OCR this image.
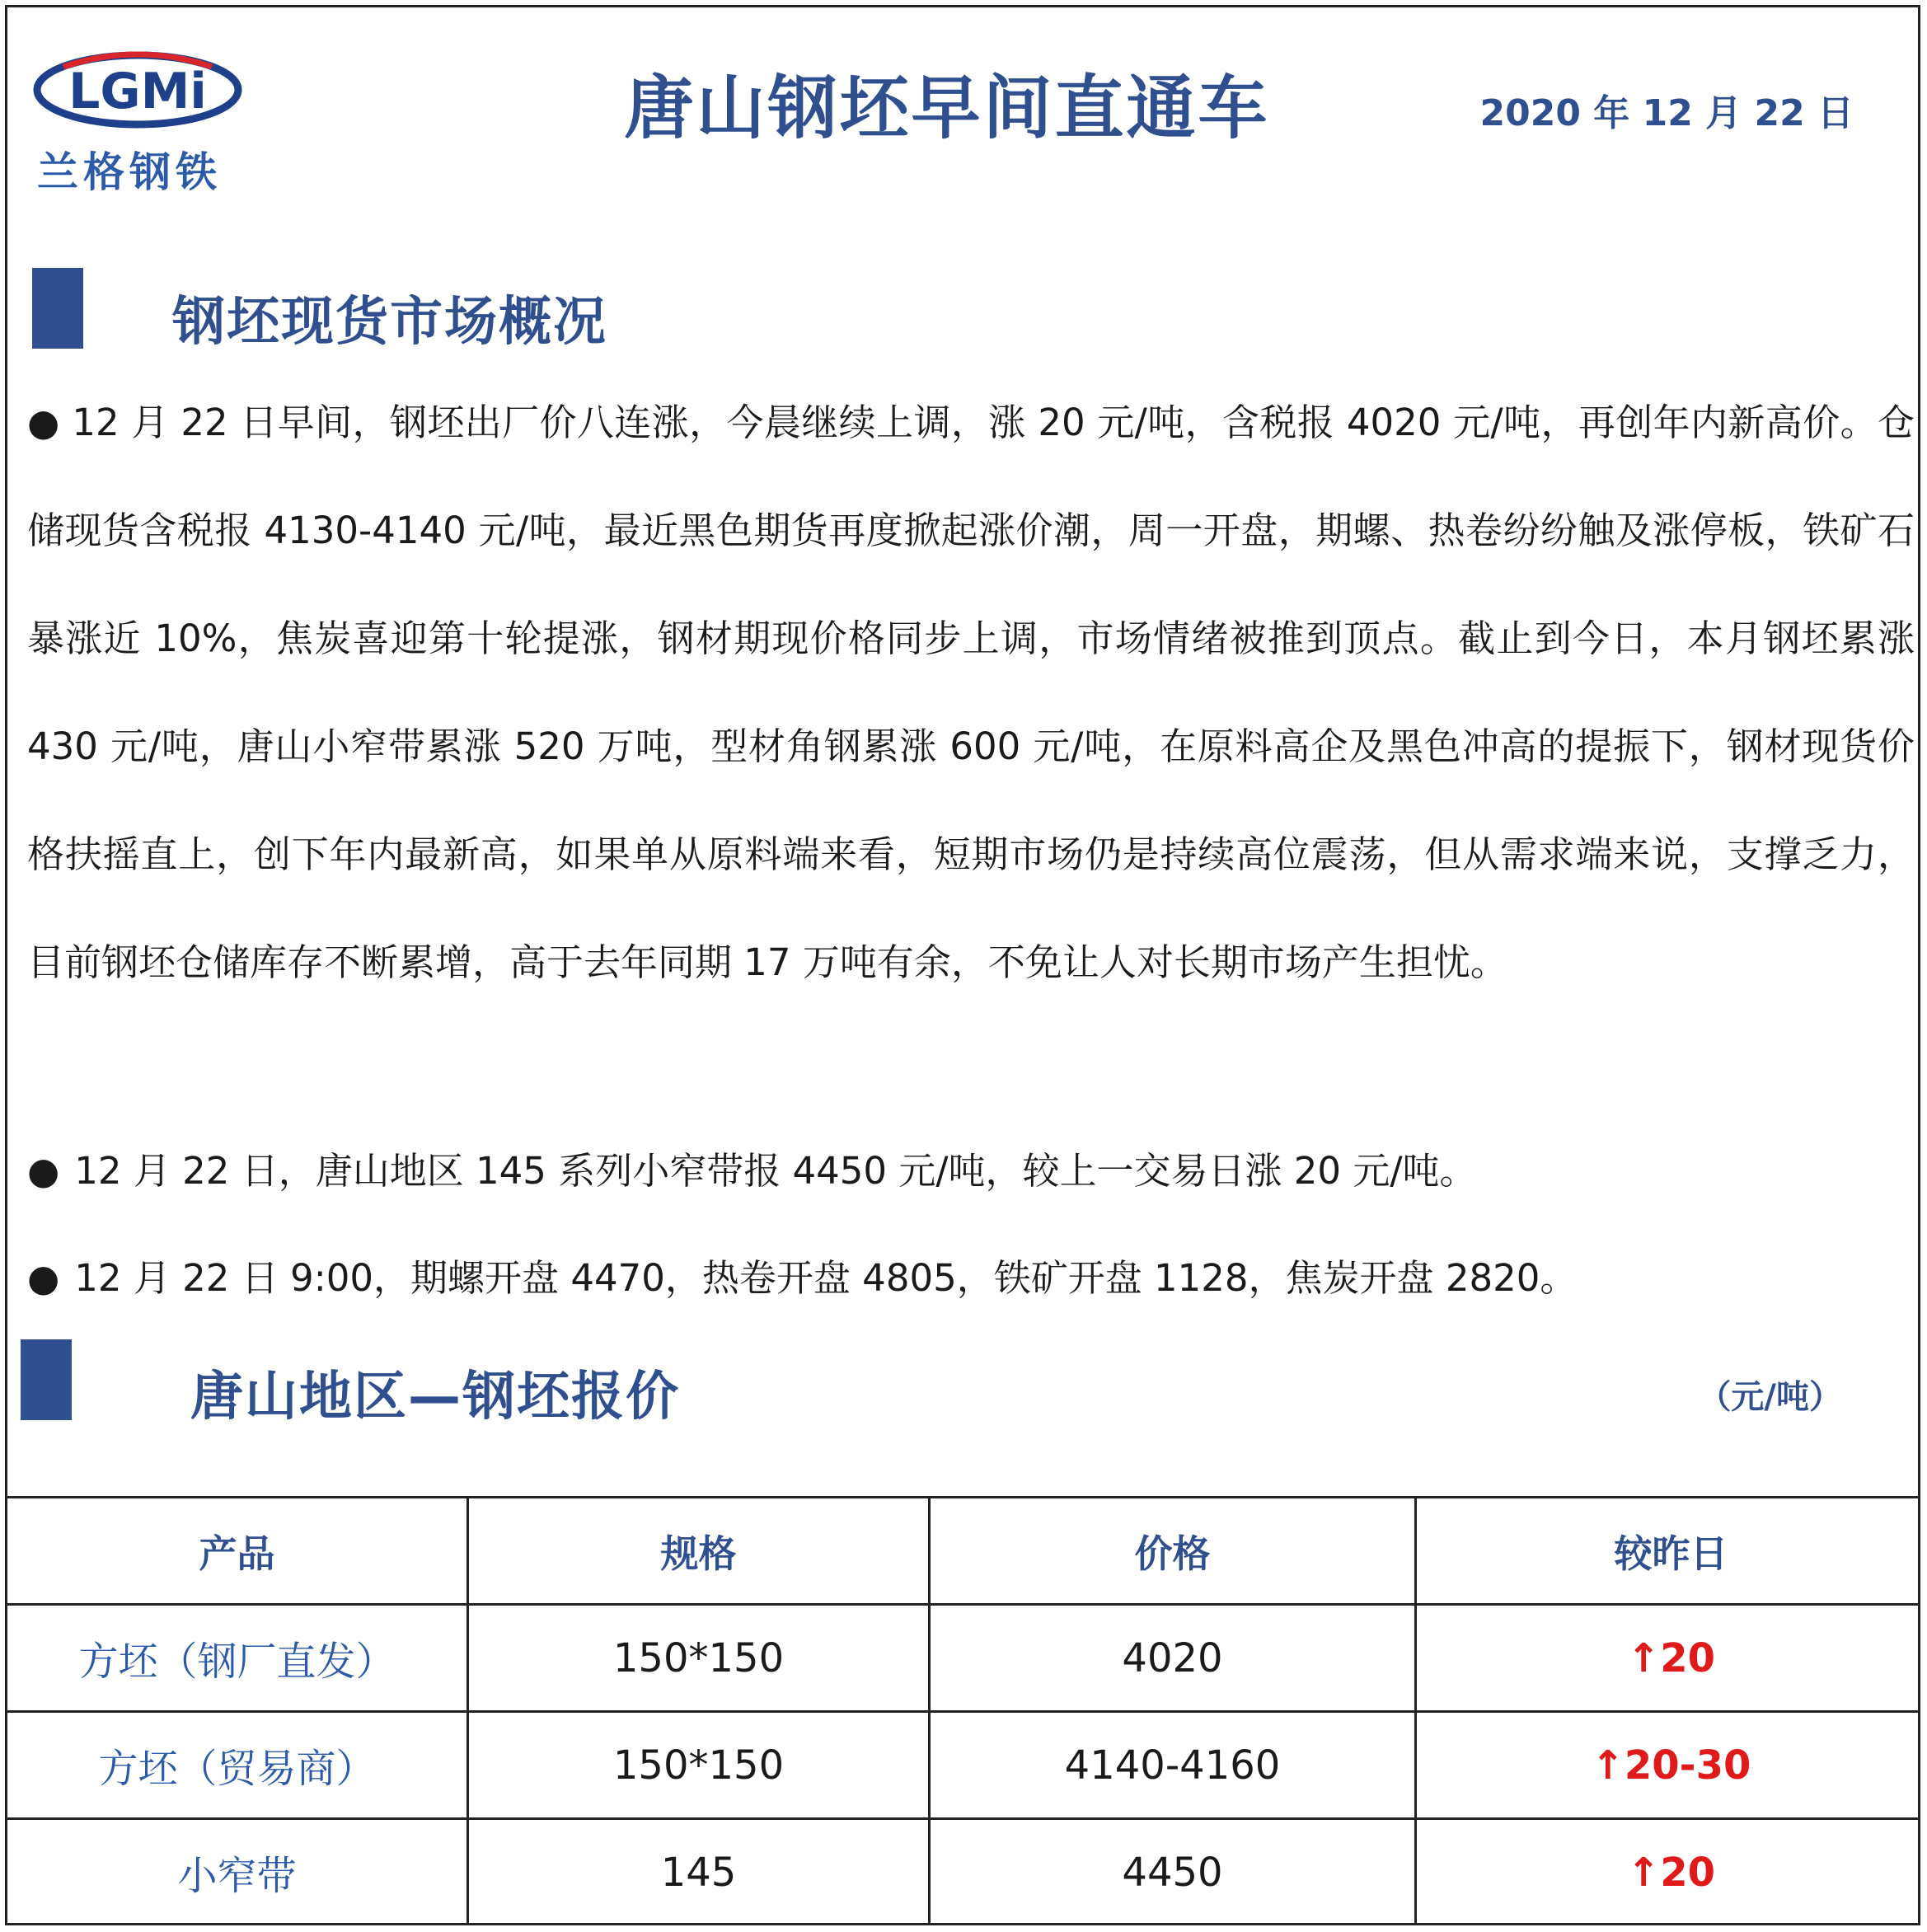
LGMi
兰格钢铁
唐山钢坯早间直通车	2020 年 12 月 22 日
钢坯现货市场概况

● 12 月 22 日早间，钢坯出厂价八连涨，今晨继续上调，涨 20 元/吨，含税报 4020 元/吨，再创年内新高价。仓储现货含税报 4130-4140 元/吨，最近黑色期货再度掀起涨价潮，周一开盘，期螺、热卷纷纷触及涨停板，铁矿石暴涨近 10%，焦炭喜迎第十轮提涨，钢材期现价格同步上调，市场情绪被推到顶点。截止到今日，本月钢坯累涨 430 元/吨，唐山小窄带累涨 520 万吨，型材角钢累涨 600 元/吨，在原料高企及黑色冲高的提振下，钢材现货价格扶摇直上，创下年内最新高，如果单从原料端来看，短期市场仍是持续高位震荡，但从需求端来说，支撑乏力，目前钢坯仓储库存不断累增，高于去年同期 17 万吨有余，不免让人对长期市场产生担忧。

● 12 月 22 日，唐山地区 145 系列小窄带报 4450 元/吨，较上一交易日涨 20 元/吨。
● 12 月 22 日 9:00，期螺开盘 4470，热卷开盘 4805，铁矿开盘 1128，焦炭开盘 2820。
唐山地区—钢坯报价	（元/吨）
产品	规格	价格	较昨日
方坯（钢厂直发）	150*150	4020	↑20
方坯（贸易商）	150*150	4140-4160	↑20-30
小窄带	145	4450	↑20
